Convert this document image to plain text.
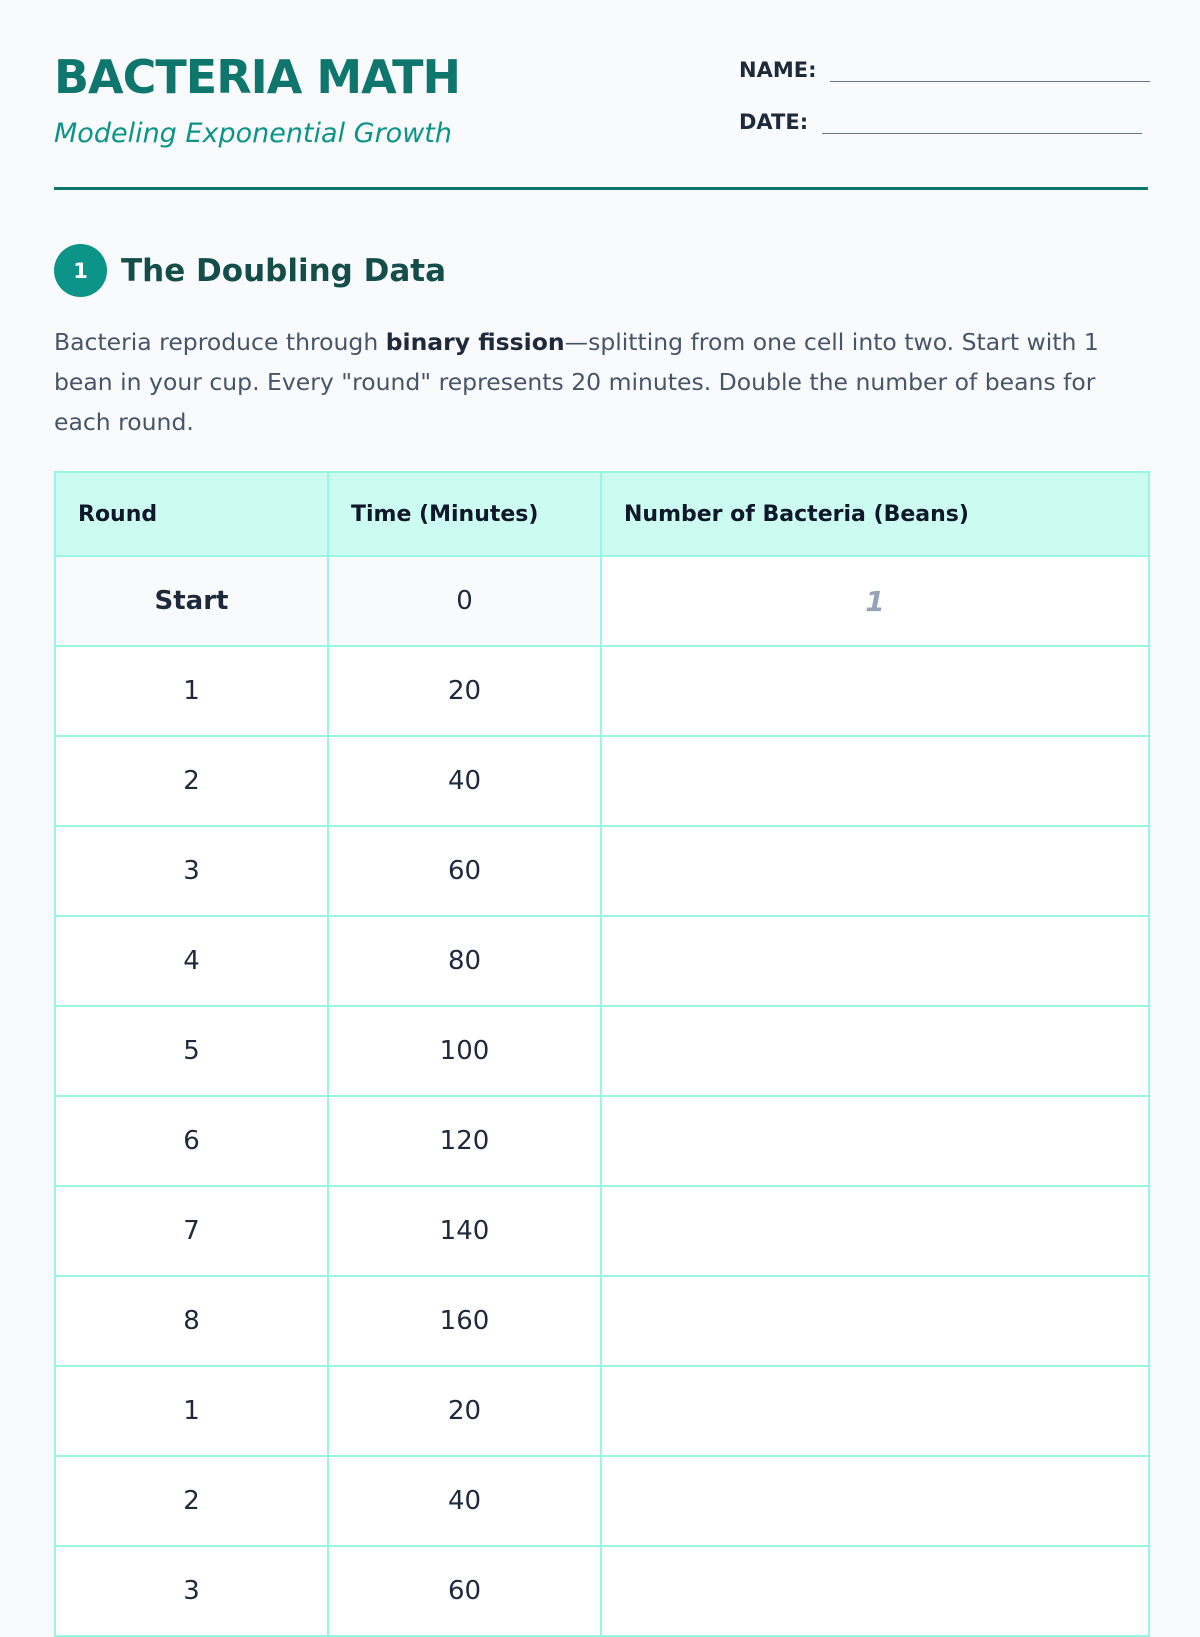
BACTERIA MATH
Modeling Exponential Growth
NAME:
DATE:
1	The Doubling Data

Bacteria reproduce through binary fission—splitting from one cell into two. Start with 1 bean in your cup. Every "round" represents 20 minutes. Double the number of beans for each round.

Round	Time (Minutes)	Number of Bacteria (Beans)
Start	0	1
1	20	
2	40	
3	60	
4	80	
5	100	
6	120	
7	140	
8	160	
1	20	
2	40	
3	60	
